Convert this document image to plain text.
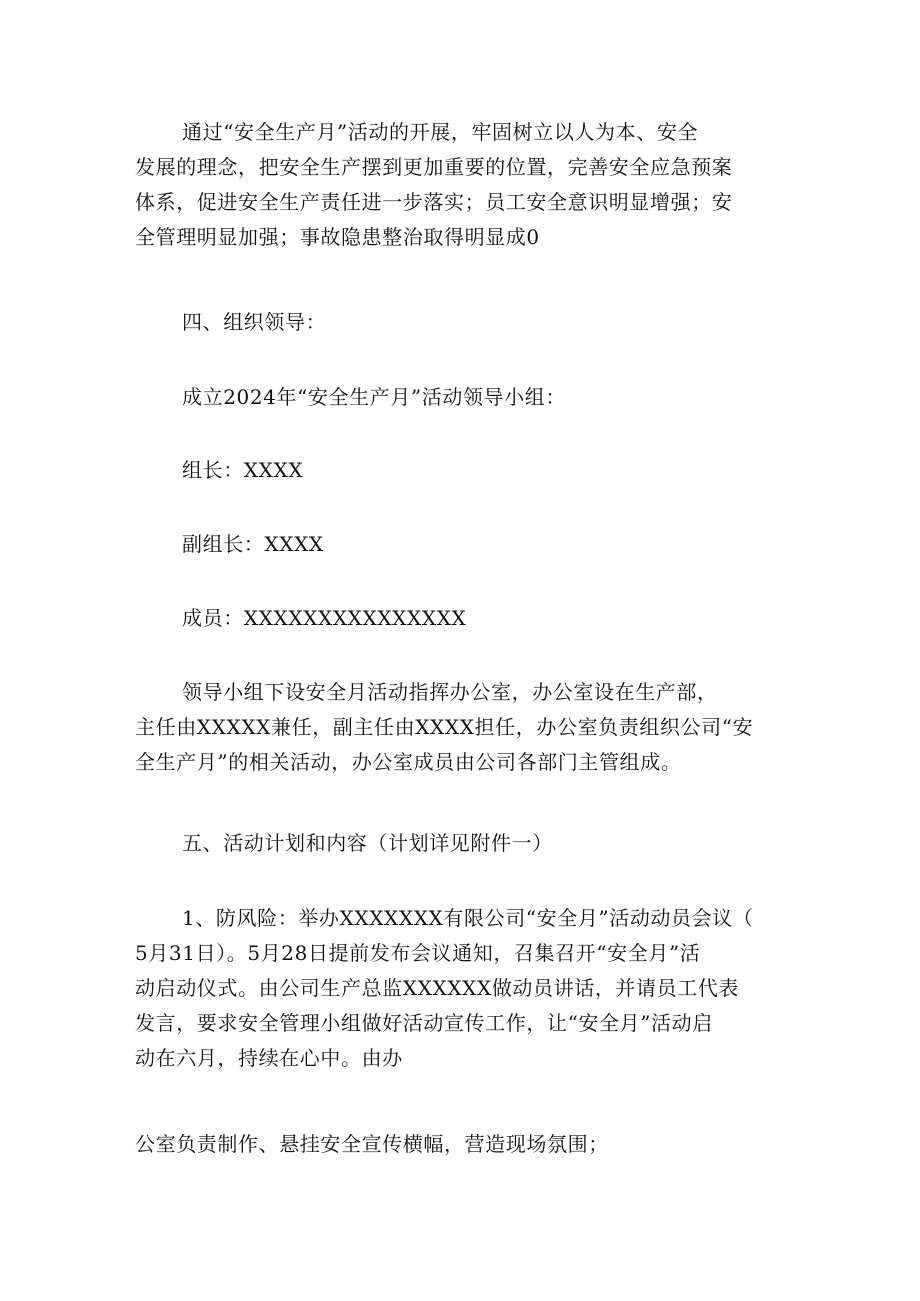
通过“安全生产月”活动的开展，牢固树立以人为本、安全
发展的理念，把安全生产摆到更加重要的位置，完善安全应急预案
体系，促进安全生产责任进一步落实；员工安全意识明显增强；安
全管理明显加强；事故隐患整治取得明显成0
四、组织领导：
成立2024年“安全生产月”活动领导小组：
组长：XXXX
副组长：XXXX
成员：XXXXXXXXXXXXXXX
领导小组下设安全月活动指挥办公室，办公室设在生产部，
主任由XXXXX兼任，副主任由XXXX担任，办公室负责组织公司“安
全生产月”的相关活动，办公室成员由公司各部门主管组成。
五、活动计划和内容（计划详见附件一）
1、防风险：举办XXXXXXX有限公司“安全月”活动动员会议（
5月31日）。5月28日提前发布会议通知，召集召开“安全月”活
动启动仪式。由公司生产总监XXXXXX做动员讲话，并请员工代表
发言，要求安全管理小组做好活动宣传工作，让“安全月”活动启
动在六月，持续在心中。由办
公室负责制作、悬挂安全宣传横幅，营造现场氛围；
